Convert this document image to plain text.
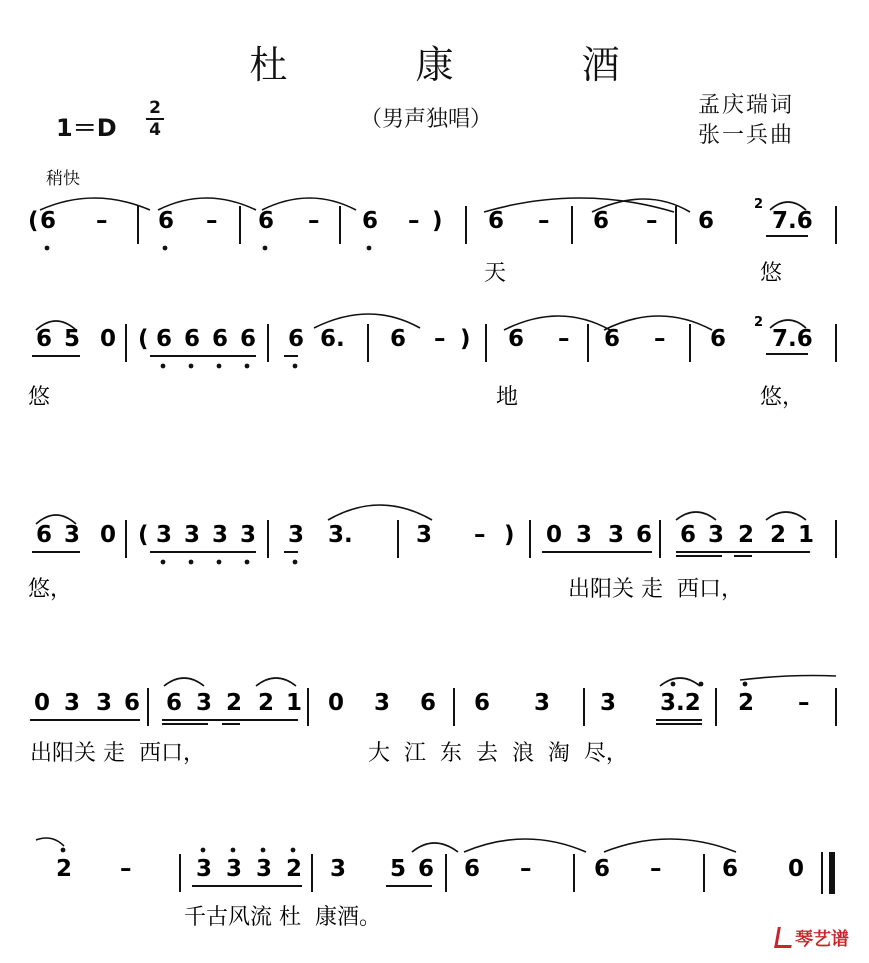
杜 康 酒
1＝D
2
4	（男声独唱）
孟庆瑞词
张一兵曲
稍快
( 6 – 6 – 6 – 6 – ) 6 – 6 – 6	7.6
6 5 0 ( 6 6 6 6 6 6. 6 – ) 6 – 6 – 6 7.6
6 3 0 ( 3 3 3 3 3 3.	3 – ) 0 3 3 6 6 3 2 2 1
0 3 3 6 6 3 2 2 1 0 3 6 6 3 3 3.2 2 –
2 –	3 3 3 2 3 5 6 6 –	6 –	6 0
2
2
天	悠
悠	地	悠，
悠，	出阳关 走  西口，
出阳关 走  西口，	大  江  东  去  浪  淘  尽，
千古风流 杜  康酒。
琴艺谱
